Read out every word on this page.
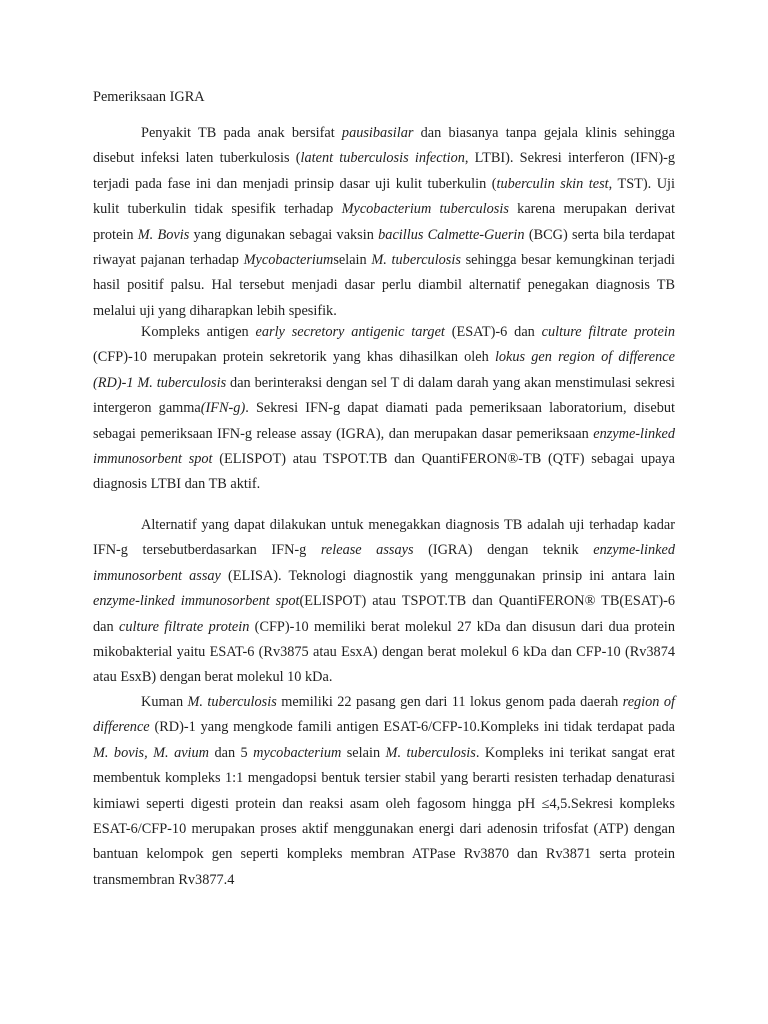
Pemeriksaan IGRA

Penyakit TB pada anak bersifat pausibasilar dan biasanya tanpa gejala klinis sehingga disebut infeksi laten tuberkulosis (latent tuberculosis infection, LTBI). Sekresi interferon (IFN)-g terjadi pada fase ini dan menjadi prinsip dasar uji kulit tuberkulin (tuberculin skin test, TST). Uji kulit tuberkulin tidak spesifik terhadap Mycobacterium tuberculosis karena merupakan derivat protein M. Bovis yang digunakan sebagai vaksin bacillus Calmette-Guerin (BCG) serta bila terdapat riwayat pajanan terhadap Mycobacteriumselain M. tuberculosis sehingga besar kemungkinan terjadi hasil positif palsu. Hal tersebut menjadi dasar perlu diambil alternatif penegakan diagnosis TB melalui uji yang diharapkan lebih spesifik.

Kompleks antigen early secretory antigenic target (ESAT)-6 dan culture filtrate protein (CFP)-10 merupakan protein sekretorik yang khas dihasilkan oleh lokus gen region of difference (RD)-1 M. tuberculosis dan berinteraksi dengan sel T di dalam darah yang akan menstimulasi sekresi intergeron gamma(IFN-g). Sekresi IFN-g dapat diamati pada pemeriksaan laboratorium, disebut sebagai pemeriksaan IFN-g release assay (IGRA), dan merupakan dasar pemeriksaan enzyme-linked immunosorbent spot (ELISPOT) atau TSPOT.TB dan QuantiFERON®-TB (QTF) sebagai upaya diagnosis LTBI dan TB aktif.

Alternatif yang dapat dilakukan untuk menegakkan diagnosis TB adalah uji terhadap kadar IFN-g tersebutberdasarkan IFN-g release assays (IGRA) dengan teknik enzyme-linked immunosorbent assay (ELISA). Teknologi diagnostik yang menggunakan prinsip ini antara lain enzyme-linked immunosorbent spot(ELISPOT) atau TSPOT.TB dan QuantiFERON® TB(ESAT)-6 dan culture filtrate protein (CFP)-10 memiliki berat molekul 27 kDa dan disusun dari dua protein mikobakterial yaitu ESAT-6 (Rv3875 atau EsxA) dengan berat molekul 6 kDa dan CFP-10 (Rv3874 atau EsxB) dengan berat molekul 10 kDa.

Kuman M. tuberculosis memiliki 22 pasang gen dari 11 lokus genom pada daerah region of difference (RD)-1 yang mengkode famili antigen ESAT-6/CFP-10.Kompleks ini tidak terdapat pada M. bovis, M. avium dan 5 mycobacterium selain M. tuberculosis. Kompleks ini terikat sangat erat membentuk kompleks 1:1 mengadopsi bentuk tersier stabil yang berarti resisten terhadap denaturasi kimiawi seperti digesti protein dan reaksi asam oleh fagosom hingga pH ≤4,5.Sekresi kompleks ESAT-6/CFP-10 merupakan proses aktif menggunakan energi dari adenosin trifosfat (ATP) dengan bantuan kelompok gen seperti kompleks membran ATPase Rv3870 dan Rv3871 serta protein transmembran Rv3877.4
